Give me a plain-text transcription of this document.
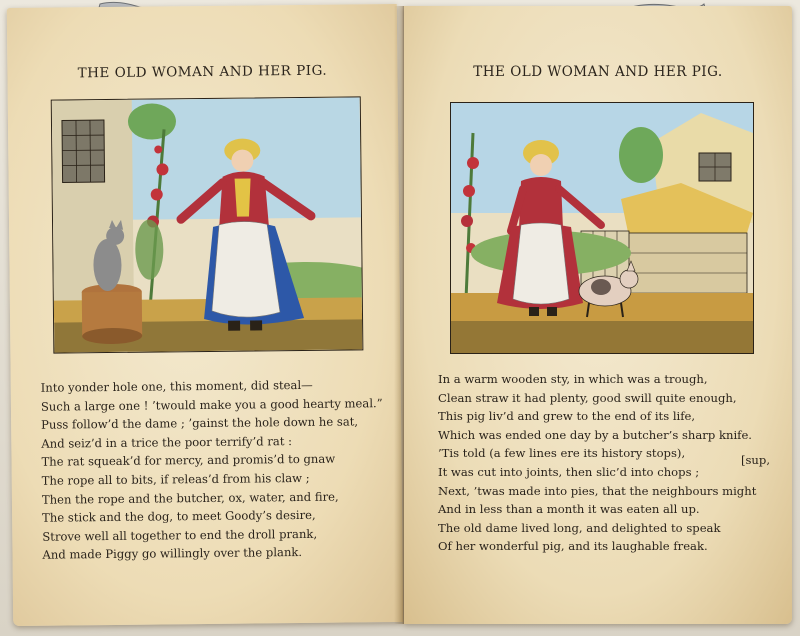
THE OLD WOMAN AND HER PIG.
Into yonder hole one, this moment, did steal—
Such a large one ! ’twould make you a good hearty meal.”
Puss follow’d the dame ; ’gainst the hole down he sat,
And seiz’d in a trice the poor terrify’d rat :
The rat squeak’d for mercy, and promis’d to gnaw
The rope all to bits, if releas’d from his claw ;
Then the rope and the butcher, ox, water, and fire,
The stick and the dog, to meet Goody’s desire,
Strove well all together to end the droll prank,
And made Piggy go willingly over the plank.
THE OLD WOMAN AND HER PIG.
In a warm wooden sty, in which was a trough,
Clean straw it had plenty, good swill quite enough,
This pig liv’d and grew to the end of its life,
Which was ended one day by a butcher’s sharp knife.
’Tis told (a few lines ere its history stops),
It was cut into joints, then slic’d into chops ;
Next, ’twas made into pies, that the neighbours might
And in less than a month it was eaten all up.
The old dame lived long, and delighted to speak
Of her wonderful pig, and its laughable freak.
[sup,
